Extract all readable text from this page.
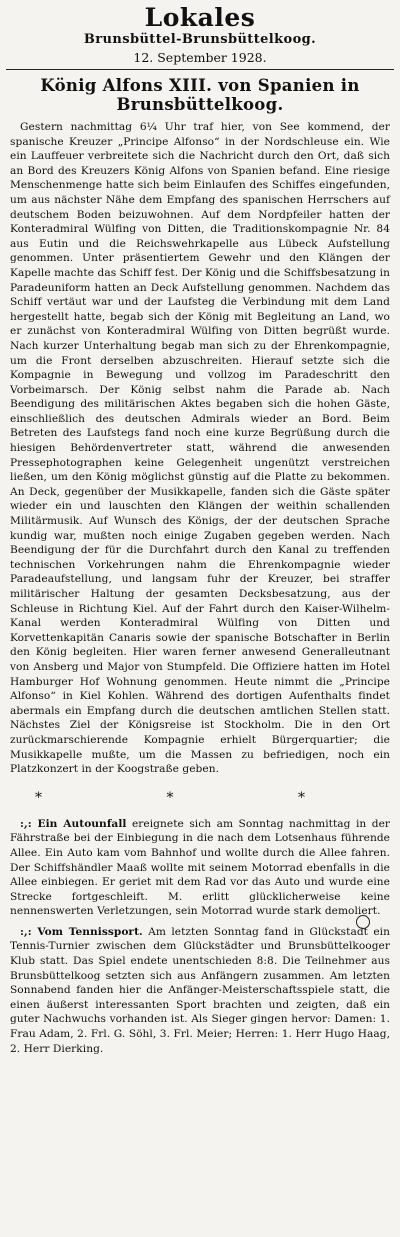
Lokales
Brunsbüttel-Brunsbüttelkoog.
12. September 1928.
König Alfons XIII. von Spanien in Brunsbüttelkoog.

Gestern nachmittag 6¼ Uhr traf hier, von See kommend, der spanische Kreuzer „Principe Alfonso“ in der Nordschleuse ein. Wie ein Lauffeuer verbreitete sich die Nachricht durch den Ort, daß sich an Bord des Kreuzers König Alfons von Spanien befand. Eine riesige Menschenmenge hatte sich beim Einlaufen des Schiffes eingefunden, um aus nächster Nähe dem Empfang des spanischen Herrschers auf deutschem Boden beizuwohnen. Auf dem Nordpfeiler hatten der Konteradmiral Wülfing von Ditten, die Traditionskompagnie Nr. 84 aus Eutin und die Reichswehrkapelle aus Lübeck Aufstellung genommen. Unter präsentiertem Gewehr und den Klängen der Kapelle machte das Schiff fest. Der König und die Schiffsbesatzung in Paradeuniform hatten an Deck Aufstellung genommen. Nachdem das Schiff vertäut war und der Laufsteg die Verbindung mit dem Land hergestellt hatte, begab sich der König mit Begleitung an Land, wo er zunächst von Konteradmiral Wülfing von Ditten begrüßt wurde. Nach kurzer Unterhaltung begab man sich zu der Ehrenkompagnie, um die Front derselben abzuschreiten. Hierauf setzte sich die Kompagnie in Bewegung und vollzog im Paradeschritt den Vorbeimarsch. Der König selbst nahm die Parade ab. Nach Beendigung des militärischen Aktes begaben sich die hohen Gäste, einschließlich des deutschen Admirals wieder an Bord. Beim Betreten des Laufstegs fand noch eine kurze Begrüßung durch die hiesigen Behördenvertreter statt, während die anwesenden Pressephotographen keine Gelegenheit ungenützt verstreichen ließen, um den König möglichst günstig auf die Platte zu bekommen. An Deck, gegenüber der Musikkapelle, fanden sich die Gäste später wieder ein und lauschten den Klängen der weithin schallenden Militärmusik. Auf Wunsch des Königs, der der deutschen Sprache kundig war, mußten noch einige Zugaben gegeben werden. Nach Beendigung der für die Durchfahrt durch den Kanal zu treffenden technischen Vorkehrungen nahm die Ehrenkompagnie wieder Paradeaufstellung, und langsam fuhr der Kreuzer, bei straffer militärischer Haltung der gesamten Decksbesatzung, aus der Schleuse in Richtung Kiel. Auf der Fahrt durch den Kaiser-Wilhelm-Kanal werden Konteradmiral Wülfing von Ditten und Korvettenkapitän Canaris sowie der spanische Botschafter in Berlin den König begleiten. Hier waren ferner anwesend Generalleutnant von Ansberg und Major von Stumpfeld. Die Offiziere hatten im Hotel Hamburger Hof Wohnung genommen. Heute nimmt die „Principe Alfonso“ in Kiel Kohlen. Während des dortigen Aufenthalts findet abermals ein Empfang durch die deutschen amtlichen Stellen statt. Nächstes Ziel der Königsreise ist Stockholm. Die in den Ort zurückmarschierende Kompagnie erhielt Bürgerquartier; die Musikkapelle mußte, um die Massen zu befriedigen, noch ein Platzkonzert in der Koogstraße geben.

* * *

:,: Ein Autounfall ereignete sich am Sonntag nachmittag in der Fährstraße bei der Einbiegung in die nach dem Lotsenhaus führende Allee. Ein Auto kam vom Bahnhof und wollte durch die Allee fahren. Der Schiffshändler Maaß wollte mit seinem Motorrad ebenfalls in die Allee einbiegen. Er geriet mit dem Rad vor das Auto und wurde eine Strecke fortgeschleift. M. erlitt glücklicherweise keine nennenswerten Verletzungen, sein Motorrad wurde stark demoliert.

:,: Vom Tennissport. Am letzten Sonntag fand in Glückstadt ein Tennis-Turnier zwischen dem Glückstädter und Brunsbüttelkooger Klub statt. Das Spiel endete unentschieden 8:8. Die Teilnehmer aus Brunsbüttelkoog setzten sich aus Anfängern zusammen. Am letzten Sonnabend fanden hier die Anfänger-Meisterschaftsspiele statt, die einen äußerst interessanten Sport brachten und zeigten, daß ein guter Nachwuchs vorhanden ist. Als Sieger gingen hervor: Damen: 1. Frau Adam, 2. Frl. G. Söhl, 3. Frl. Meier; Herren: 1. Herr Hugo Haag, 2. Herr Dierking.
